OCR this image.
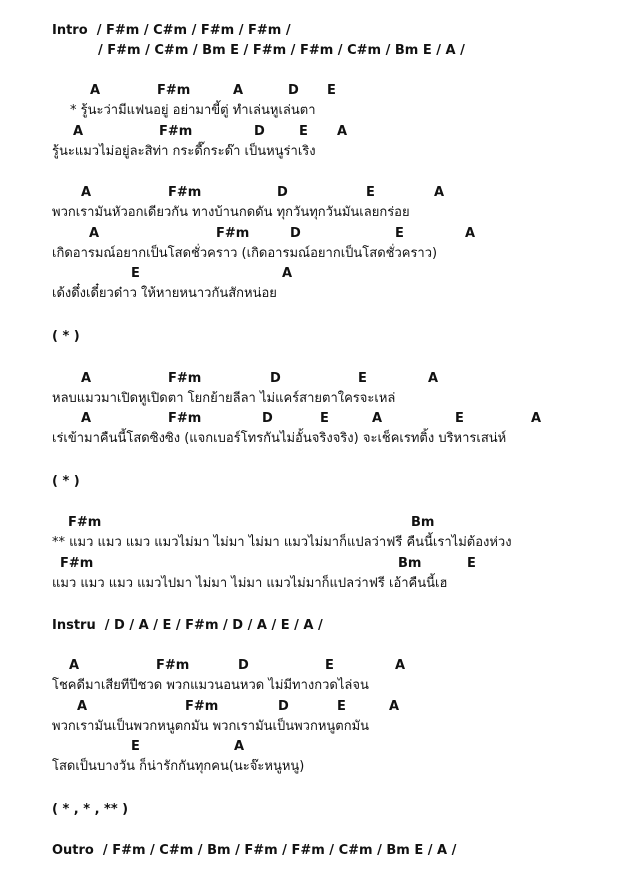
Intro  / F#m / C#m / F#m / F#m /
/ F#m / C#m / Bm E / F#m / F#m / C#m / Bm E / A /
A	F#m	A	D E
* รู้นะว่ามีแฟนอยู่ อย่ามาขี้ตู่ ทำเล่นหูเล่นตา
A	F#m	D	E A
รู้นะแมวไม่อยู่ละสิท่า กระดี๊กระด๊า เป็นหนูร่าเริง
A	F#m	D	E	A
พวกเรามันหัวอกเดียวกัน ทางบ้านกดดัน ทุกวันทุกวันมันเลยกร่อย
A	F#m	D	E	A
เกิดอารมณ์อยากเป็นโสดชั่วคราว (เกิดอารมณ์อยากเป็นโสดชั่วคราว)
E	A
เด้งดึ๋งเดี๋ยวด๋าว ให้หายหนาวกันสักหน่อย
( * )
A	F#m	D	E	A
หลบแมวมาเปิดหูเปิดตา โยกย้ายลีลา ไม่แคร์สายตาใครจะเหล่
A	F#m	D	E	A	E	A
เร่เข้ามาคืนนี้โสดซิงซิง (แจกเบอร์โทรกันไม่อั้นจริงจริง) จะเช็คเรทติ้ง บริหารเสน่ห์
( * )
F#m	Bm
** แมว แมว แมว แมวไม่มา ไม่มา ไม่มา แมวไม่มาก็แปลว่าฟรี คืนนี้เราไม่ต้องห่วง
F#m	Bm	E
แมว แมว แมว แมวไปมา ไม่มา ไม่มา แมวไม่มาก็แปลว่าฟรี เอ้าคืนนี้เฮ
Instru  / D / A / E / F#m / D / A / E / A /
A	F#m	D	E	A
โชคดีมาเสียทีปีชวด พวกแมวนอนหวด ไม่มีทางกวดไล่จน
A	F#m	D	E	A
พวกเรามันเป็นพวกหนูตกมัน พวกเรามันเป็นพวกหนูตกมัน
E	A
โสดเป็นบางวัน ก็น่ารักกันทุกคน(นะจ๊ะหนูหนู)
( * , * , ** )
Outro  / F#m / C#m / Bm / F#m / F#m / C#m / Bm E / A /
